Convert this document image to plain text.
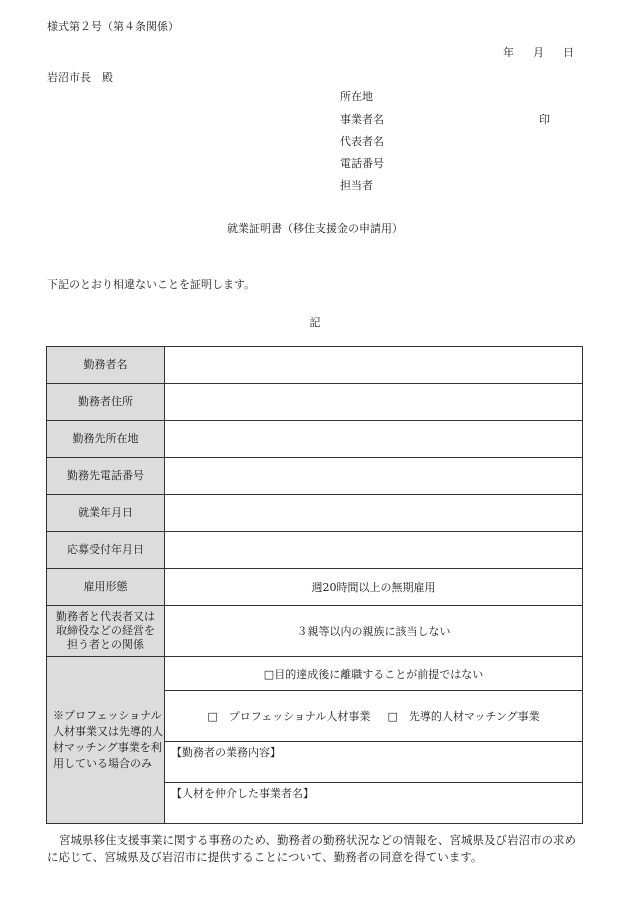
様式第２号（第４条関係）
年 月 日
岩沼市長　殿
所在地
事業者名
代表者名
電話番号
担当者
印
就業証明書（移住支援金の申請用）
下記のとおり相違ないことを証明します。
記
勤務者名	
勤務者住所	
勤務先所在地	
勤務先電話番号	
就業年月日	
応募受付年月日	
雇用形態	週20時間以上の無期雇用
勤務者と代表者又は取締役などの経営を担う者との関係	３親等以内の親族に該当しない
※プロフェッショナル人材事業又は先導的人材マッチング事業を利用している場合のみ	□目的達成後に離職することが前提ではない
	□　プロフェッショナル人材事業 □　先導的人材マッチング事業
	【勤務者の業務内容】
	【人材を仲介した事業者名】
宮城県移住支援事業に関する事務のため、勤務者の勤務状況などの情報を、宮城県及び岩沼市の求めに応じて、宮城県及び岩沼市に提供することについて、勤務者の同意を得ています。
